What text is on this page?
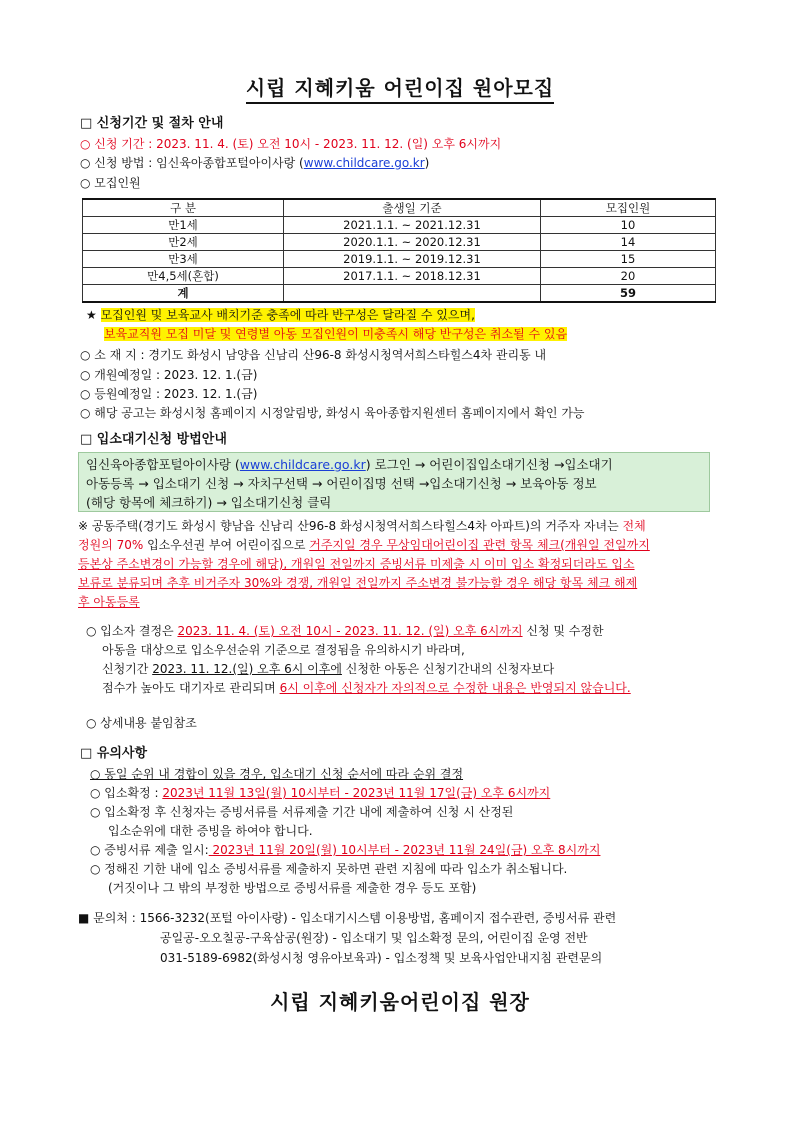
시립 지혜키움 어린이집 원아모집
□ 신청기간 및 절차 안내
○ 신청 기간 : 2023. 11. 4. (토) 오전 10시 - 2023. 11. 12. (일) 오후 6시까지
○ 신청 방법 : 임신육아종합포털아이사랑 (www.childcare.go.kr)
○ 모집인원
구 분	출생일 기준	모집인원
만1세	2021.1.1. ~ 2021.12.31	10
만2세	2020.1.1. ~ 2020.12.31	14
만3세	2019.1.1. ~ 2019.12.31	15
만4,5세(혼합)	2017.1.1. ~ 2018.12.31	20
계		59
★ 모집인원 및 보육교사 배치기준 충족에 따라 반구성은 달라질 수 있으며,
보육교직원 모집 미달 및 연령별 아동 모집인원이 미충족시 해당 반구성은 취소될 수 있음
○ 소 재 지 : 경기도 화성시 남양읍 신남리 산96-8 화성시청역서희스타힐스4차 관리동 내
○ 개원예정일 : 2023. 12. 1.(금)
○ 등원예정일 : 2023. 12. 1.(금)
○ 해당 공고는 화성시청 홈페이지 시정알림방, 화성시 육아종합지원센터 홈페이지에서 확인 가능
□ 입소대기신청 방법안내
임신육아종합포털아이사랑 (www.childcare.go.kr) 로그인 → 어린이집입소대기신청 →입소대기
아동등록 → 입소대기 신청 → 자치구선택 → 어린이집명 선택 →입소대기신청 → 보육아동 정보
(해당 항목에 체크하기) → 입소대기신청 클릭
※ 공동주택(경기도 화성시 향남읍 신남리 산96-8 화성시청역서희스타힐스4차 아파트)의 거주자 자녀는 전체
정원의 70% 입소우선권 부여 어린이집으로 거주지일 경우 무상임대어린이집 관련 항목 체크(개원일 전일까지
등본상 주소변경이 가능할 경우에 해당), 개원일 전일까지 증빙서류 미제출 시 이미 입소 확정되더라도 입소
보류로 분류되며 추후 비거주자 30%와 경쟁, 개원일 전일까지 주소변경 불가능할 경우 해당 항목 체크 해제
후 아동등록
○ 입소자 결정은 2023. 11. 4. (토) 오전 10시 - 2023. 11. 12. (일) 오후 6시까지 신청 및 수정한
아동을 대상으로 입소우선순위 기준으로 결정됨을 유의하시기 바라며,
신청기간 2023. 11. 12.(일) 오후 6시 이후에 신청한 아동은 신청기간내의 신청자보다
점수가 높아도 대기자로 관리되며 6시 이후에 신청자가 자의적으로 수정한 내용은 반영되지 않습니다.
○ 상세내용 붙임참조
□ 유의사항
○ 동일 순위 내 경합이 있을 경우, 입소대기 신청 순서에 따라 순위 결정
○ 입소확정 : 2023년 11월 13일(월) 10시부터 - 2023년 11월 17일(금) 오후 6시까지
○ 입소확정 후 신청자는 증빙서류를 서류제출 기간 내에 제출하여 신청 시 산정된
입소순위에 대한 증빙을 하여야 합니다.
○ 증빙서류 제출 일시: 2023년 11월 20일(월) 10시부터 - 2023년 11월 24일(금) 오후 8시까지
○ 정해진 기한 내에 입소 증빙서류를 제출하지 못하면 관련 지침에 따라 입소가 취소됩니다.
(거짓이나 그 밖의 부정한 방법으로 증빙서류를 제출한 경우 등도 포함)
■ 문의처 : 1566-3232(포털 아이사랑) - 입소대기시스템 이용방법, 홈페이지 접수관련, 증빙서류 관련
공일공-오오칠공-구육삼공(원장) - 입소대기 및 입소확정 문의, 어린이집 운영 전반
031-5189-6982(화성시청 영유아보육과) - 입소정책 및 보육사업안내지침 관련문의
시립 지혜키움어린이집 원장
